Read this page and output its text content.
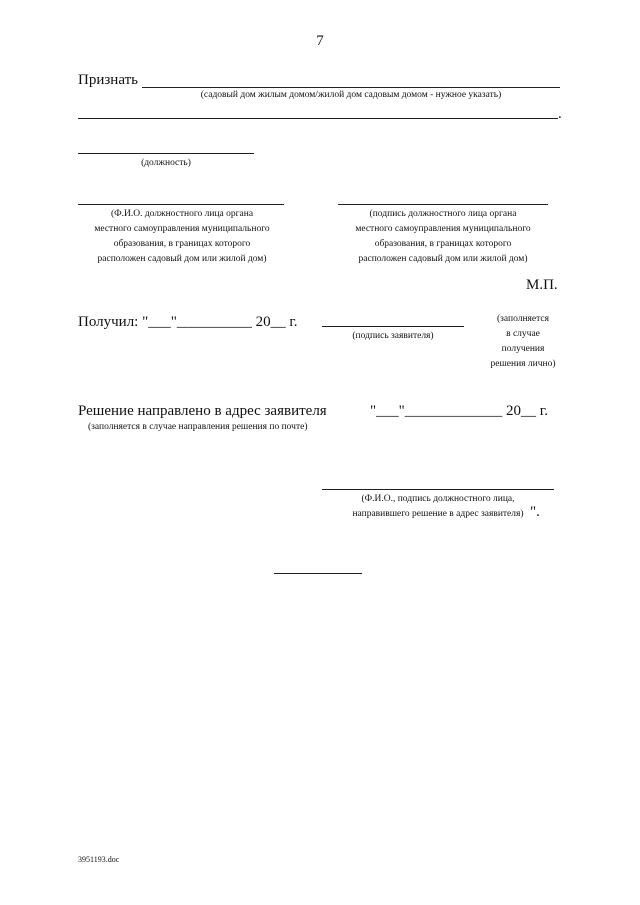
7
Признать
(садовый дом жилым домом/жилой дом садовым домом - нужное указать)
.
(должность)
(Ф.И.О. должностного лица органа
местного самоуправления муниципального
образования, в границах которого
расположен садовый дом или жилой дом)
(подпись должностного лица органа
местного самоуправления муниципального
образования, в границах которого
расположен садовый дом или жилой дом)
М.П.
Получил: "___"__________ 20__ г.
(подпись заявителя)
(заполняется
в случае
получения
решения лично)
Решение направлено в адрес заявителя	"___"_____________ 20__ г.
(заполняется в случае направления решения по почте)
(Ф.И.О., подпись должностного лица,
направившего решение в адрес заявителя) ".
3951193.doc
